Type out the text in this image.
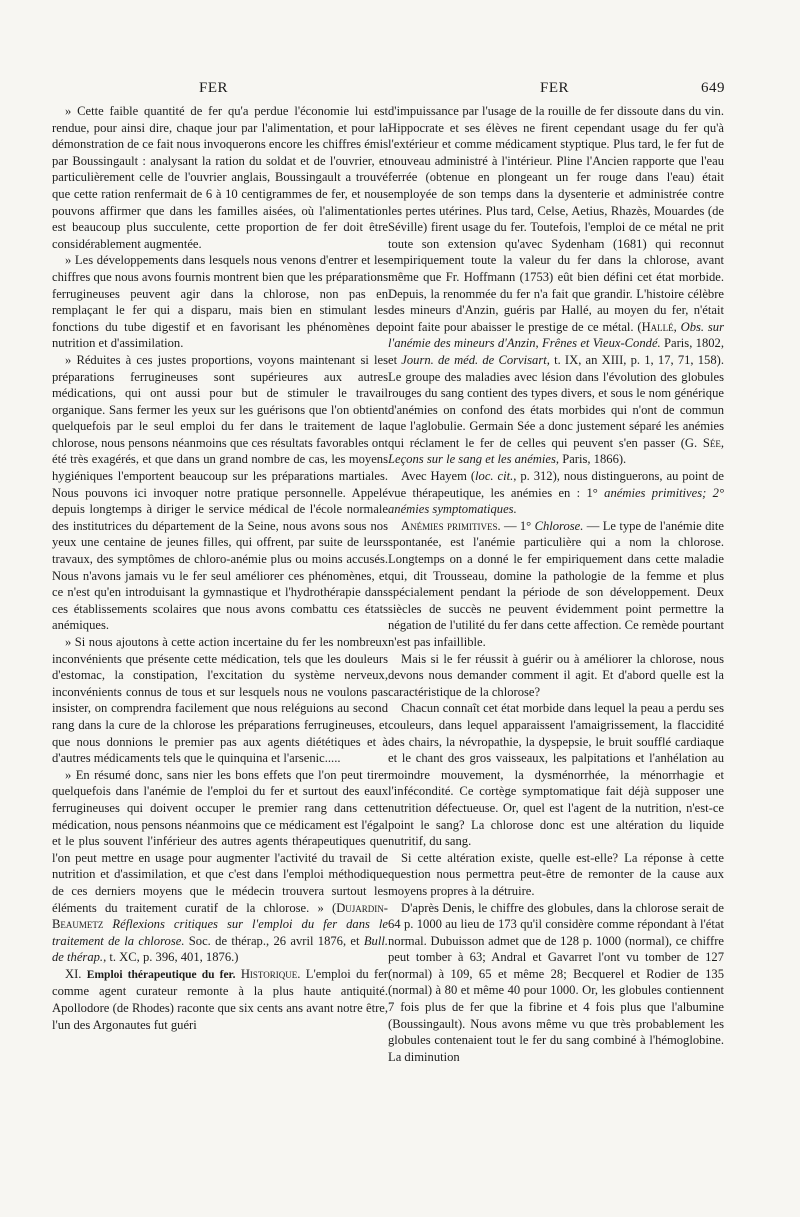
FER	FER	649

» Cette faible quantité de fer qu'a perdue l'économie lui est rendue, pour ainsi dire, chaque jour par l'alimentation, et pour la démonstration de ce fait nous invoquerons encore les chiffres émis par Boussingault : analysant la ration du soldat et de l'ouvrier, et particulièrement celle de l'ouvrier anglais, Boussingault a trouvé que cette ration renfermait de 6 à 10 centigrammes de fer, et nous pouvons affirmer que dans les familles aisées, où l'alimentation est beaucoup plus succulente, cette proportion de fer doit être considérablement augmentée.

» Les développements dans lesquels nous venons d'entrer et les chiffres que nous avons fournis montrent bien que les préparations ferrugineuses peuvent agir dans la chlorose, non pas en remplaçant le fer qui a disparu, mais bien en stimulant les fonctions du tube digestif et en favorisant les phénomènes de nutrition et d'assimilation.

» Réduites à ces justes proportions, voyons maintenant si les préparations ferrugineuses sont supérieures aux autres médications, qui ont aussi pour but de stimuler le travail organique. Sans fermer les yeux sur les guérisons que l'on obtient quelquefois par le seul emploi du fer dans le traitement de la chlorose, nous pensons néanmoins que ces résultats favorables ont été très exagérés, et que dans un grand nombre de cas, les moyens hygiéniques l'emportent beaucoup sur les préparations martiales. Nous pouvons ici invoquer notre pratique personnelle. Appelé depuis longtemps à diriger le service médical de l'école normale des institutrices du département de la Seine, nous avons sous nos yeux une centaine de jeunes filles, qui offrent, par suite de leurs travaux, des symptômes de chloro-anémie plus ou moins accusés. Nous n'avons jamais vu le fer seul améliorer ces phénomènes, et ce n'est qu'en introduisant la gymnastique et l'hydrothérapie dans ces établissements scolaires que nous avons combattu ces états anémiques.

» Si nous ajoutons à cette action incertaine du fer les nombreux inconvénients que présente cette médication, tels que les douleurs d'estomac, la constipation, l'excitation du système nerveux, inconvénients connus de tous et sur lesquels nous ne voulons pas insister, on comprendra facilement que nous reléguions au second rang dans la cure de la chlorose les préparations ferrugineuses, et que nous donnions le premier pas aux agents diététiques et à d'autres médicaments tels que le quinquina et l'arsenic.....

» En résumé donc, sans nier les bons effets que l'on peut tirer quelquefois dans l'anémie de l'emploi du fer et surtout des eaux ferrugineuses qui doivent occuper le premier rang dans cette médication, nous pensons néanmoins que ce médicament est l'égal et le plus souvent l'inférieur des autres agents thérapeutiques que l'on peut mettre en usage pour augmenter l'activité du travail de nutrition et d'assimilation, et que c'est dans l'emploi méthodique de ces derniers moyens que le médecin trouvera surtout les éléments du traitement curatif de la chlorose. » (Dujardin-Beaumetz Réflexions critiques sur l'emploi du fer dans le traitement de la chlorose. Soc. de thérap., 26 avril 1876, et Bull. de thérap., t. XC, p. 396, 401, 1876.)

XI. Emploi thérapeutique du fer. Historique. L'emploi du fer comme agent curateur remonte à la plus haute antiquité. Apollodore (de Rhodes) raconte que six cents ans avant notre être, l'un des Argonautes fut guéri

d'impuissance par l'usage de la rouille de fer dissoute dans du vin. Hippocrate et ses élèves ne firent cependant usage du fer qu'à l'extérieur et comme médicament styptique. Plus tard, le fer fut de nouveau administré à l'intérieur. Pline l'Ancien rapporte que l'eau ferrée (obtenue en plongeant un fer rouge dans l'eau) était employée de son temps dans la dysenterie et administrée contre les pertes utérines. Plus tard, Celse, Aetius, Rhazès, Mouardes (de Séville) firent usage du fer. Toutefois, l'emploi de ce métal ne prit toute son extension qu'avec Sydenham (1681) qui reconnut empiriquement toute la valeur du fer dans la chlorose, avant même que Fr. Hoffmann (1753) eût bien défini cet état morbide. Depuis, la renommée du fer n'a fait que grandir. L'histoire célèbre des mineurs d'Anzin, guéris par Hallé, au moyen du fer, n'était point faite pour abaisser le prestige de ce métal. (Hallé, Obs. sur l'anémie des mineurs d'Anzin, Frênes et Vieux-Condé. Paris, 1802, et Journ. de méd. de Corvisart, t. IX, an XIII, p. 1, 17, 71, 158). Le groupe des maladies avec lésion dans l'évolution des globules rouges du sang contient des types divers, et sous le nom générique d'anémies on confond des états morbides qui n'ont de commun que l'aglobulie. Germain Sée a donc justement séparé les anémies qui réclament le fer de celles qui peuvent s'en passer (G. Sée, Leçons sur le sang et les anémies, Paris, 1866).

Avec Hayem (loc. cit., p. 312), nous distinguerons, au point de vue thérapeutique, les anémies en : 1° anémies primitives; 2° anémies symptomatiques.

Anémies primitives. — 1° Chlorose. — Le type de l'anémie dite spontanée, est l'anémie particulière qui a nom la chlorose. Longtemps on a donné le fer empiriquement dans cette maladie qui, dit Trousseau, domine la pathologie de la femme et plus spécialement pendant la période de son développement. Deux siècles de succès ne peuvent évidemment point permettre la négation de l'utilité du fer dans cette affection. Ce remède pourtant n'est pas infaillible.

Mais si le fer réussit à guérir ou à améliorer la chlorose, nous devons nous demander comment il agit. Et d'abord quelle est la caractéristique de la chlorose?

Chacun connaît cet état morbide dans lequel la peau a perdu ses couleurs, dans lequel apparaissent l'amaigrissement, la flaccidité des chairs, la névropathie, la dyspepsie, le bruit soufflé cardiaque et le chant des gros vaisseaux, les palpitations et l'anhélation au moindre mouvement, la dysménorrhée, la ménorrhagie et l'infécondité. Ce cortège symptomatique fait déjà supposer une nutrition défectueuse. Or, quel est l'agent de la nutrition, n'est-ce point le sang? La chlorose donc est une altération du liquide nutritif, du sang.

Si cette altération existe, quelle est-elle? La réponse à cette question nous permettra peut-être de remonter de la cause aux moyens propres à la détruire.

D'après Denis, le chiffre des globules, dans la chlorose serait de 64 p. 1000 au lieu de 173 qu'il considère comme répondant à l'état normal. Dubuisson admet que de 128 p. 1000 (normal), ce chiffre peut tomber à 63; Andral et Gavarret l'ont vu tomber de 127 (normal) à 109, 65 et même 28; Becquerel et Rodier de 135 (normal) à 80 et même 40 pour 1000. Or, les globules contiennent 7 fois plus de fer que la fibrine et 4 fois plus que l'albumine (Boussingault). Nous avons même vu que très probablement les globules contenaient tout le fer du sang combiné à l'hémoglobine. La diminution
